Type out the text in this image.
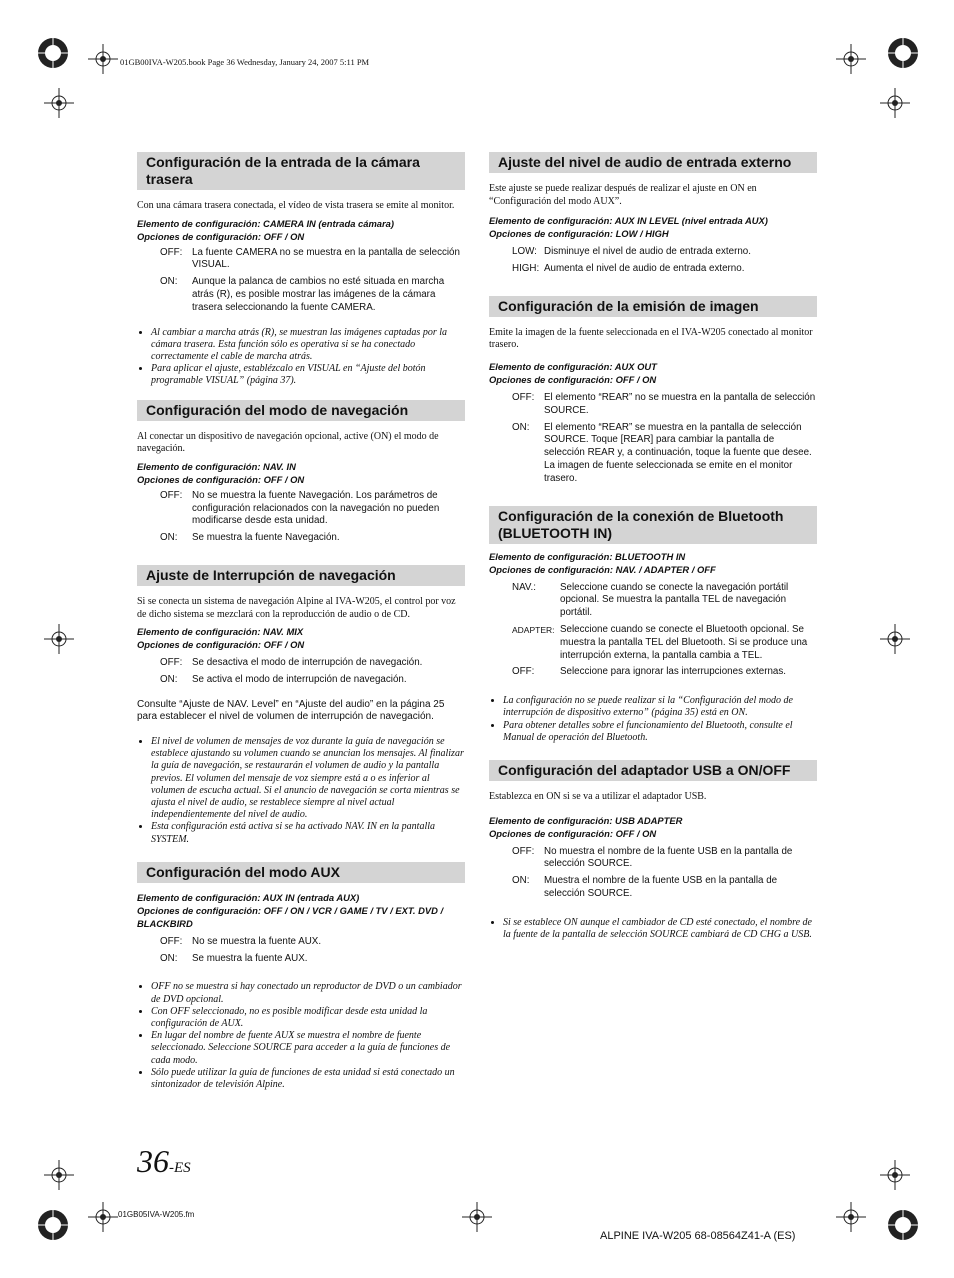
01GB00IVA-W205.book Page 36 Wednesday, January 24, 2007 5:11 PM
Configuración de la entrada de la cámara trasera

Con una cámara trasera conectada, el vídeo de vista trasera se emite al monitor.

Elemento de configuración: CAMERA IN (entrada cámara)
Opciones de configuración: OFF / ON
OFF: La fuente CAMERA no se muestra en la pantalla de selección VISUAL.
ON:	Aunque la palanca de cambios no esté situada en marcha atrás (R), es posible mostrar las imágenes de la cámara trasera seleccionando la fuente CAMERA.
• Al cambiar a marcha atrás (R), se muestran las imágenes captadas por la cámara trasera. Esta función sólo es operativa si se ha conectado correctamente el cable de marcha atrás.
• Para aplicar el ajuste, establézcalo en VISUAL en “Ajuste del botón programable VISUAL” (página 37).
Configuración del modo de navegación

Al conectar un dispositivo de navegación opcional, active (ON) el modo de navegación.

Elemento de configuración: NAV. IN
Opciones de configuración: OFF / ON
OFF: No se muestra la fuente Navegación. Los parámetros de configuración relacionados con la navegación no pueden modificarse desde esta unidad.
ON:	Se muestra la fuente Navegación.
Ajuste de Interrupción de navegación

Si se conecta un sistema de navegación Alpine al IVA-W205, el control por voz de dicho sistema se mezclará con la reproducción de audio o de CD.

Elemento de configuración: NAV. MIX
Opciones de configuración: OFF / ON
OFF: Se desactiva el modo de interrupción de navegación.
ON:	Se activa el modo de interrupción de navegación.

Consulte “Ajuste de NAV. Level” en “Ajuste del audio” en la página 25 para establecer el nivel de volumen de interrupción de navegación.

• El nivel de volumen de mensajes de voz durante la guía de navegación se establece ajustando su volumen cuando se anuncian los mensajes. Al finalizar la guía de navegación, se restaurarán el volumen de audio y la pantalla previos. El volumen del mensaje de voz siempre está a o es inferior al volumen de escucha actual. Si el anuncio de navegación se corta mientras se ajusta el nivel de audio, se restablece siempre al nivel actual independientemente del nivel de audio.
• Esta configuración está activa si se ha activado NAV. IN en la pantalla SYSTEM.
Configuración del modo AUX
Elemento de configuración: AUX IN (entrada AUX)
Opciones de configuración: OFF / ON / VCR / GAME / TV / EXT. DVD / BLACKBIRD
OFF: No se muestra la fuente AUX.
ON:	Se muestra la fuente AUX.
• OFF no se muestra si hay conectado un reproductor de DVD o un cambiador de DVD opcional.
• Con OFF seleccionado, no es posible modificar desde esta unidad la configuración de AUX.
• En lugar del nombre de fuente AUX se muestra el nombre de fuente seleccionado. Seleccione SOURCE para acceder a la guía de funciones de cada modo.
• Sólo puede utilizar la guía de funciones de esta unidad si está conectado un sintonizador de televisión Alpine.
Ajuste del nivel de audio de entrada externo

Este ajuste se puede realizar después de realizar el ajuste en ON en “Configuración del modo AUX”.

Elemento de configuración: AUX IN LEVEL (nivel entrada AUX)
Opciones de configuración: LOW / HIGH
LOW: Disminuye el nivel de audio de entrada externo.
HIGH: Aumenta el nivel de audio de entrada externo.
Configuración de la emisión de imagen

Emite la imagen de la fuente seleccionada en el IVA-W205 conectado al monitor trasero.

Elemento de configuración: AUX OUT
Opciones de configuración: OFF / ON
OFF: El elemento “REAR” no se muestra en la pantalla de selección SOURCE.
ON:	El elemento “REAR” se muestra en la pantalla de selección SOURCE. Toque [REAR] para cambiar la pantalla de selección REAR y, a continuación, toque la fuente que desee. La imagen de fuente seleccionada se emite en el monitor trasero.
Configuración de la conexión de Bluetooth (BLUETOOTH IN)
Elemento de configuración: BLUETOOTH IN
Opciones de configuración: NAV. / ADAPTER / OFF
NAV.:	Seleccione cuando se conecte la navegación portátil opcional. Se muestra la pantalla TEL de navegación portátil.
ADAPTER: Seleccione cuando se conecte el Bluetooth opcional. Se muestra la pantalla TEL del Bluetooth. Si se produce una interrupción externa, la pantalla cambia a TEL.
OFF:	Seleccione para ignorar las interrupciones externas.
• La configuración no se puede realizar si la “Configuración del modo de interrupción de dispositivo externo” (página 35) está en ON.
• Para obtener detalles sobre el funcionamiento del Bluetooth, consulte el Manual de operación del Bluetooth.
Configuración del adaptador USB a ON/OFF

Establezca en ON si se va a utilizar el adaptador USB.

Elemento de configuración: USB ADAPTER
Opciones de configuración: OFF / ON
OFF: No muestra el nombre de la fuente USB en la pantalla de selección SOURCE.
ON:	Muestra el nombre de la fuente USB en la pantalla de selección SOURCE.
• Si se establece ON aunque el cambiador de CD esté conectado, el nombre de la fuente de la pantalla de selección SOURCE cambiará de CD CHG a USB.
36-ES
01GB05IVA-W205.fm
ALPINE IVA-W205 68-08564Z41-A (ES)
